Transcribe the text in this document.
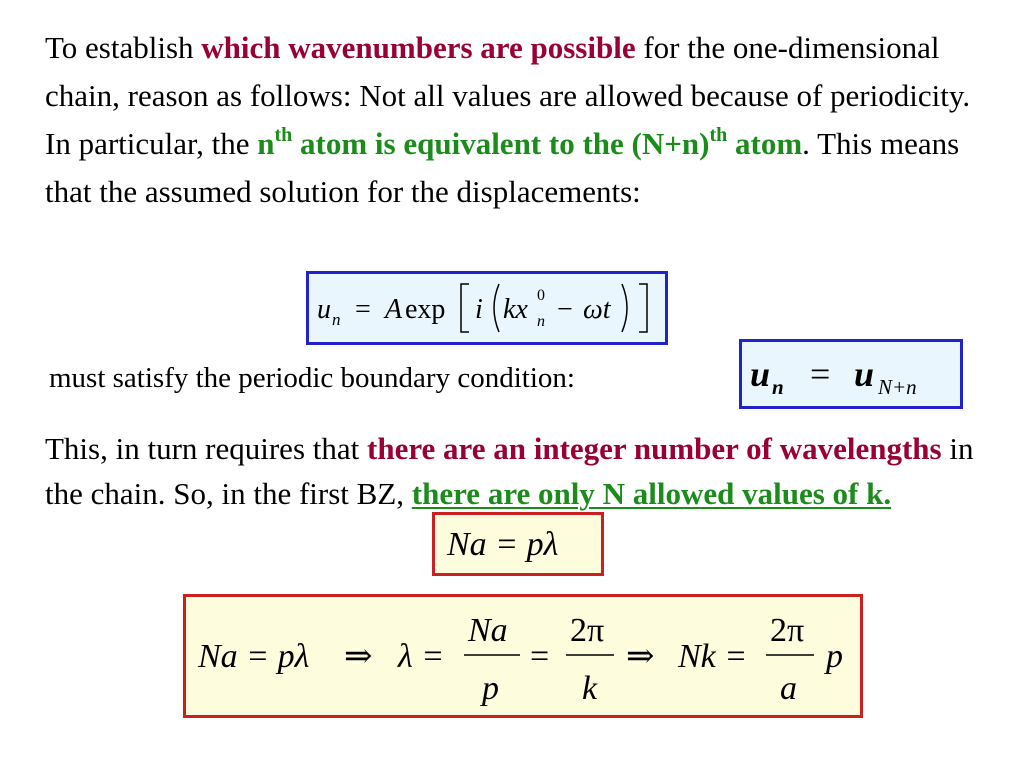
To establish which wavenumbers are possible for the one-dimensional chain, reason as follows: Not all values are allowed because of periodicity. In particular, the $n^{th}$ atom is equivalent to the $(N+n)^{th}$ atom. This means that the assumed solution for the displacements:
u n = A exp i kx 0
n − ωt
must satisfy the periodic boundary condition:	u n = u N+n
This, in turn requires that there are an integer number of wavelengths in the chain. So, in the first BZ, there are only N allowed values of k.
Na = pλ
Na = pλ ⇒ λ =
Na
p
=
2π
k
⇒ Nk =
2π
a
p
